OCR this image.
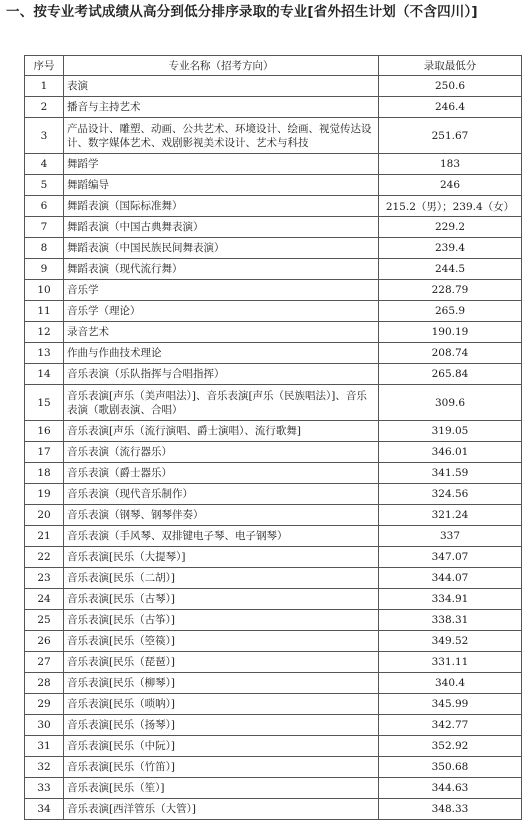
一、按专业考试成绩从高分到低分排序录取的专业[省外招生计划（不含四川）]
序号	专业名称（招考方向）	录取最低分
1	表演	250.6
2	播音与主持艺术	246.4
3	产品设计、雕塑、动画、公共艺术、环境设计、绘画、视觉传达设计、数字媒体艺术、戏剧影视美术设计、艺术与科技	251.67
4	舞蹈学	183
5	舞蹈编导	246
6	舞蹈表演（国际标准舞）	215.2（男）；239.4（女）
7	舞蹈表演（中国古典舞表演）	229.2
8	舞蹈表演（中国民族民间舞表演）	239.4
9	舞蹈表演（现代流行舞）	244.5
10	音乐学	228.79
11	音乐学（理论）	265.9
12	录音艺术	190.19
13	作曲与作曲技术理论	208.74
14	音乐表演（乐队指挥与合唱指挥）	265.84
15	音乐表演[声乐（美声唱法）]、音乐表演[声乐（民族唱法）]、音乐表演（歌剧表演、合唱）	309.6
16	音乐表演[声乐（流行演唱、爵士演唱）、流行歌舞]	319.05
17	音乐表演（流行器乐）	346.01
18	音乐表演（爵士器乐）	341.59
19	音乐表演（现代音乐制作）	324.56
20	音乐表演（钢琴、钢琴伴奏）	321.24
21	音乐表演（手风琴、双排键电子琴、电子钢琴）	337
22	音乐表演[民乐（大提琴）]	347.07
23	音乐表演[民乐（二胡）]	344.07
24	音乐表演[民乐（古琴）]	334.91
25	音乐表演[民乐（古筝）]	338.31
26	音乐表演[民乐（箜篌）]	349.52
27	音乐表演[民乐（琵琶）]	331.11
28	音乐表演[民乐（柳琴）]	340.4
29	音乐表演[民乐（唢呐）]	345.99
30	音乐表演[民乐（扬琴）]	342.77
31	音乐表演[民乐（中阮）]	352.92
32	音乐表演[民乐（竹笛）]	350.68
33	音乐表演[民乐（笙）]	344.63
34	音乐表演[西洋管乐（大管）]	348.33
